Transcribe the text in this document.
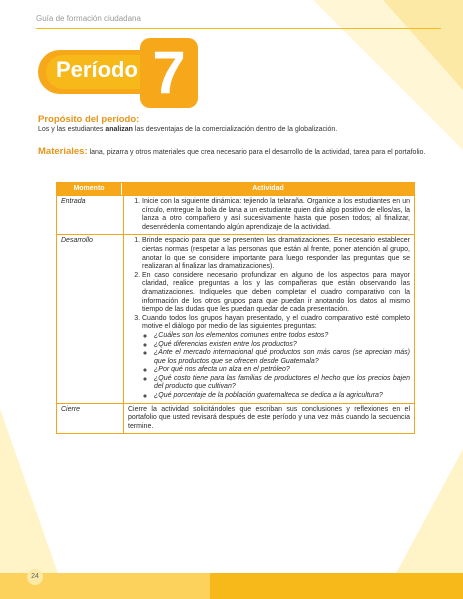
Guía de formación ciudadana
Período 7
Propósito del período:
Los y las estudiantes analizan las desventajas de la comercialización dentro de la globalización.
Materiales: lana, pizarra y otros materiales que crea necesario para el desarrollo de la actividad, tarea para el portafolio.
Momento	Actividad
Entrada	1. Inicie con la siguiente dinámica: tejiendo la telaraña. Organice a los estudiantes en un círculo, entregue la bola de lana a un estudiante quien dirá algo positivo de ellos/as, la lanza a otro compañero y así sucesivamente hasta que posen todos; al finalizar, desenrédenla comentando algún aprendizaje de la actividad.
Desarrollo	1. Brinde espacio para que se presenten las dramatizaciones. Es necesario establecer ciertas normas (respetar a las personas que están al frente, poner atención al grupo, anotar lo que se considere importante para luego responder las preguntas que se realizaran al finalizar las dramatizaciones).
2. En caso considere necesario profundizar en alguno de los aspectos para mayor claridad, realice preguntas a los y las compañeras que están observando las dramatizaciones. Indíqueles que deben completar el cuadro comparativo con la información de los otros grupos para que puedan ir anotando los datos al mismo tiempo de las dudas que les puedan quedar de cada presentación.
3. Cuando todos los grupos hayan presentado, y el cuadro comparativo esté completo motive el diálogo por medio de las siguientes preguntas:
◦ ¿Cuáles son los elementos comunes entre todos estos?
◦ ¿Qué diferencias existen entre los productos?
◦ ¿Ante el mercado internacional qué productos son más caros (se aprecian más) que los productos que se ofrecen desde Guatemala?
◦ ¿Por qué nos afecta un alza en el petróleo?
◦ ¿Qué costo tiene para las familias de productores el hecho que los precios bajen del producto que cultivan?
◦ ¿Qué porcentaje de la población guatemalteca se dedica a la agricultura?
Cierre	Cierre la actividad solicitándoles que escriban sus conclusiones y reflexiones en el portafolio que usted revisará después de este período y una vez más cuando la secuencia termine.

24
